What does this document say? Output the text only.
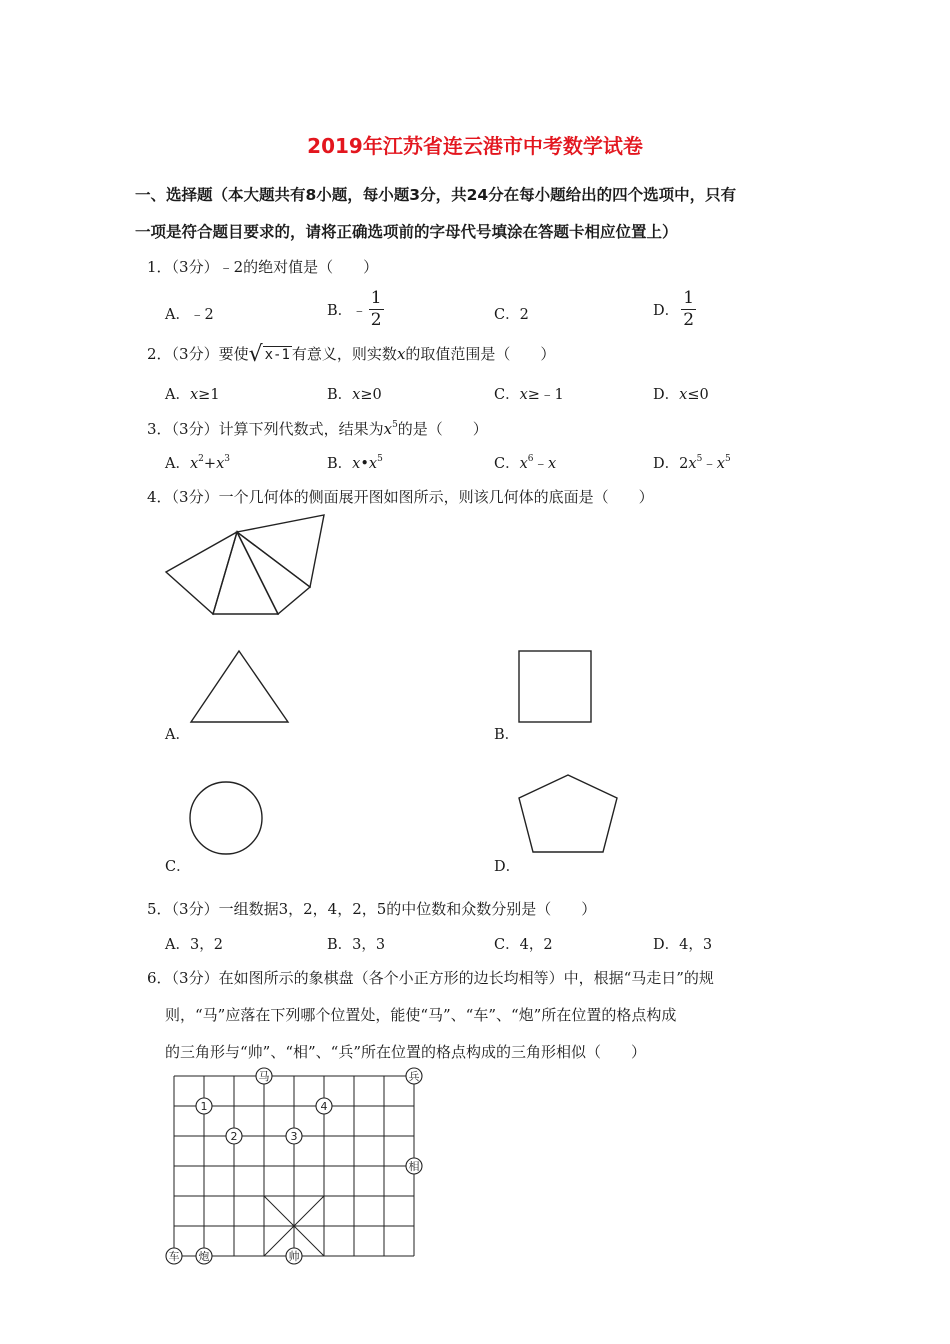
2019年江苏省连云港市中考数学试卷
一、选择题（本大题共有8小题，每小题3分，共24分在每小题给出的四个选项中，只有
一项是符合题目要求的，请将正确选项前的字母代号填涂在答题卡相应位置上）
1．（3分）﹣2的绝对值是（　　）
A．﹣2	B．﹣ $\frac{1}{2}$	C．2	D． $\frac{1}{2}$
2．（3分）要使√ x-1 有意义，则实数x的取值范围是（　　）
A．x≥1	B．x≥0	C．x≥﹣1	D．x≤0
3．（3分）计算下列代数式，结果为$x^5$的是（　　）
A．$x^2+x^3$	B．$x•x^5$	C．$x^6﹣x$	D．$2x^5﹣x^5$
4．（3分）一个几何体的侧面展开图如图所示，则该几何体的底面是（　　）
A．	B．
C．	D．
5．（3分）一组数据3，2，4，2，5的中位数和众数分别是（　　）
A．3，2	B．3，3	C．4，2	D．4，3
6．（3分）在如图所示的象棋盘（各个小正方形的边长均相等）中，根据“马走日”的规
则，“马”应落在下列哪个位置处，能使“马”、“车”、“炮”所在位置的格点构成
的三角形与“帅”、“相”、“兵”所在位置的格点构成的三角形相似（　　）
马	兵
相
车 炮	帅
1	4
2	3
